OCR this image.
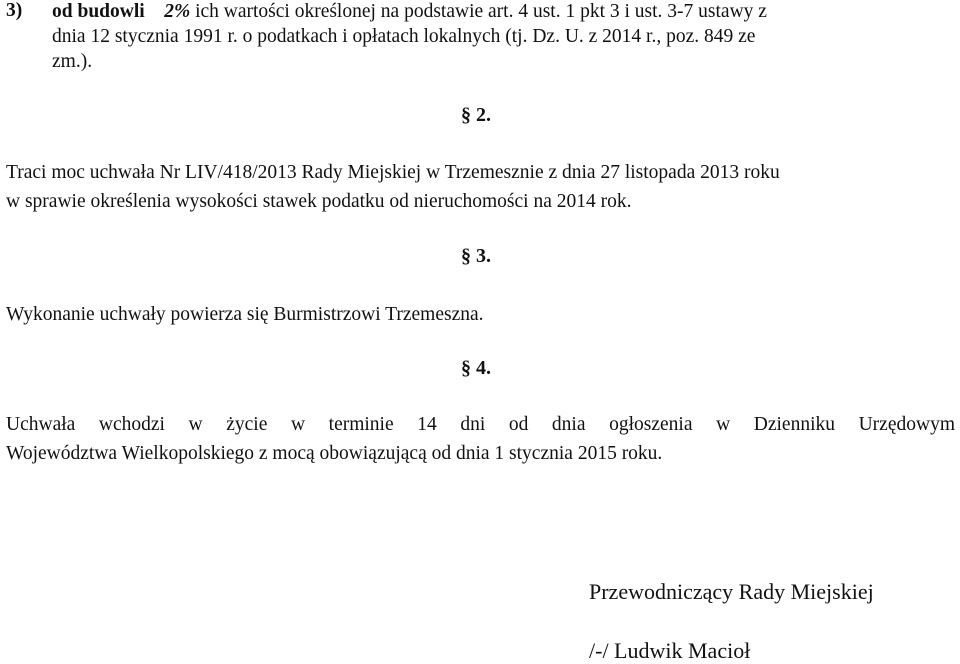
3) od budowli 2% ich wartości określonej na podstawie art. 4 ust. 1 pkt 3 i ust. 3-7 ustawy z
dnia 12 stycznia 1991 r. o podatkach i opłatach lokalnych (tj. Dz. U. z 2014 r., poz. 849 ze
zm.).
§ 2.
Traci moc uchwała Nr LIV/418/2013 Rady Miejskiej w Trzemesznie z dnia 27 listopada 2013 roku
w sprawie określenia wysokości stawek podatku od nieruchomości na 2014 rok.
§ 3.
Wykonanie uchwały powierza się Burmistrzowi Trzemeszna.
§ 4.
Uchwała wchodzi w życie w terminie 14 dni od dnia ogłoszenia w Dzienniku Urzędowym
Województwa Wielkopolskiego z mocą obowiązującą od dnia 1 stycznia 2015 roku.
Przewodniczący Rady Miejskiej
/-/ Ludwik Macioł
